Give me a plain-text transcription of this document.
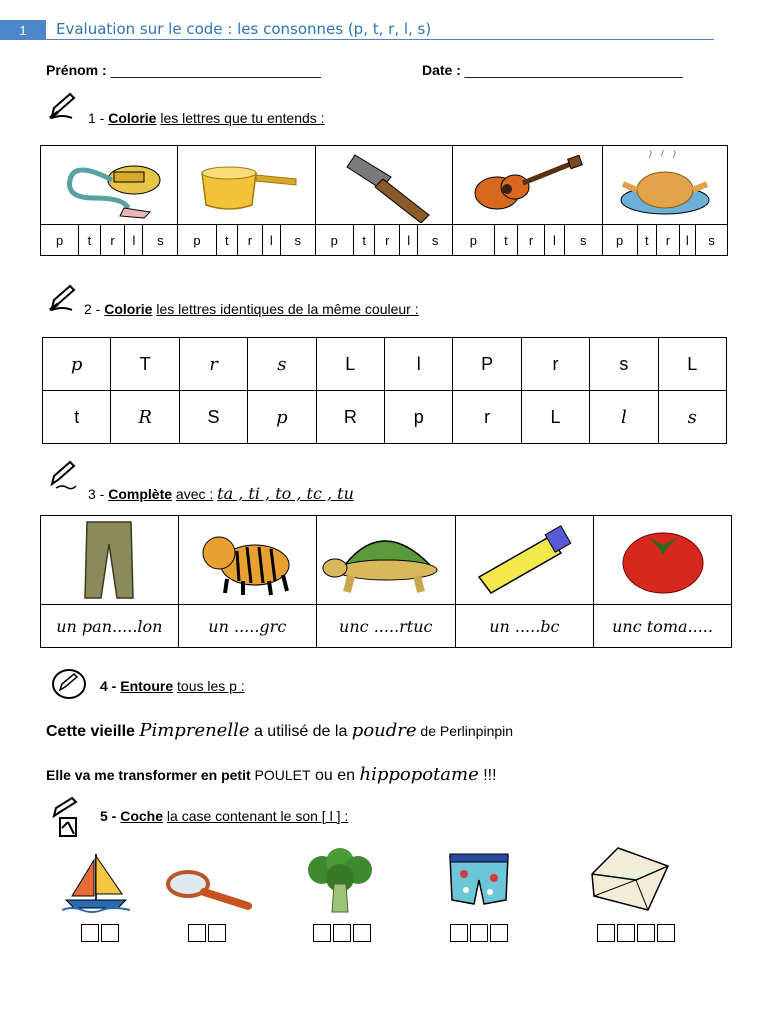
1	Evaluation sur le code : les consonnes (p, t, r, l, s)
Prénom : ___________________________	Date : ____________________________
1 - Colorie les lettres que tu entends :

p	t	r	l	s	p	t	r	l	s	p	t	r	l	s	p	t	r	l	s	p	t	r	l	s
2 - Colorie les lettres identiques de la même couleur :
p	T	r	s	L	l	P	r	s	L
t	R	S	p	R	p	r	L	l	s
3 - Complète avec : ta , ti , to , tc , tu

un pan.....lon	un .....grc	unc .....rtuc	un .....bc	unc toma.....
4 - Entoure tous les p :
Cette vieille Pimprenelle a utilisé de la poudre de Perlinpinpin
Elle va me transformer en petit POULET ou en hippopotame !!!
5 - Coche la case contenant le son [ l ] :
